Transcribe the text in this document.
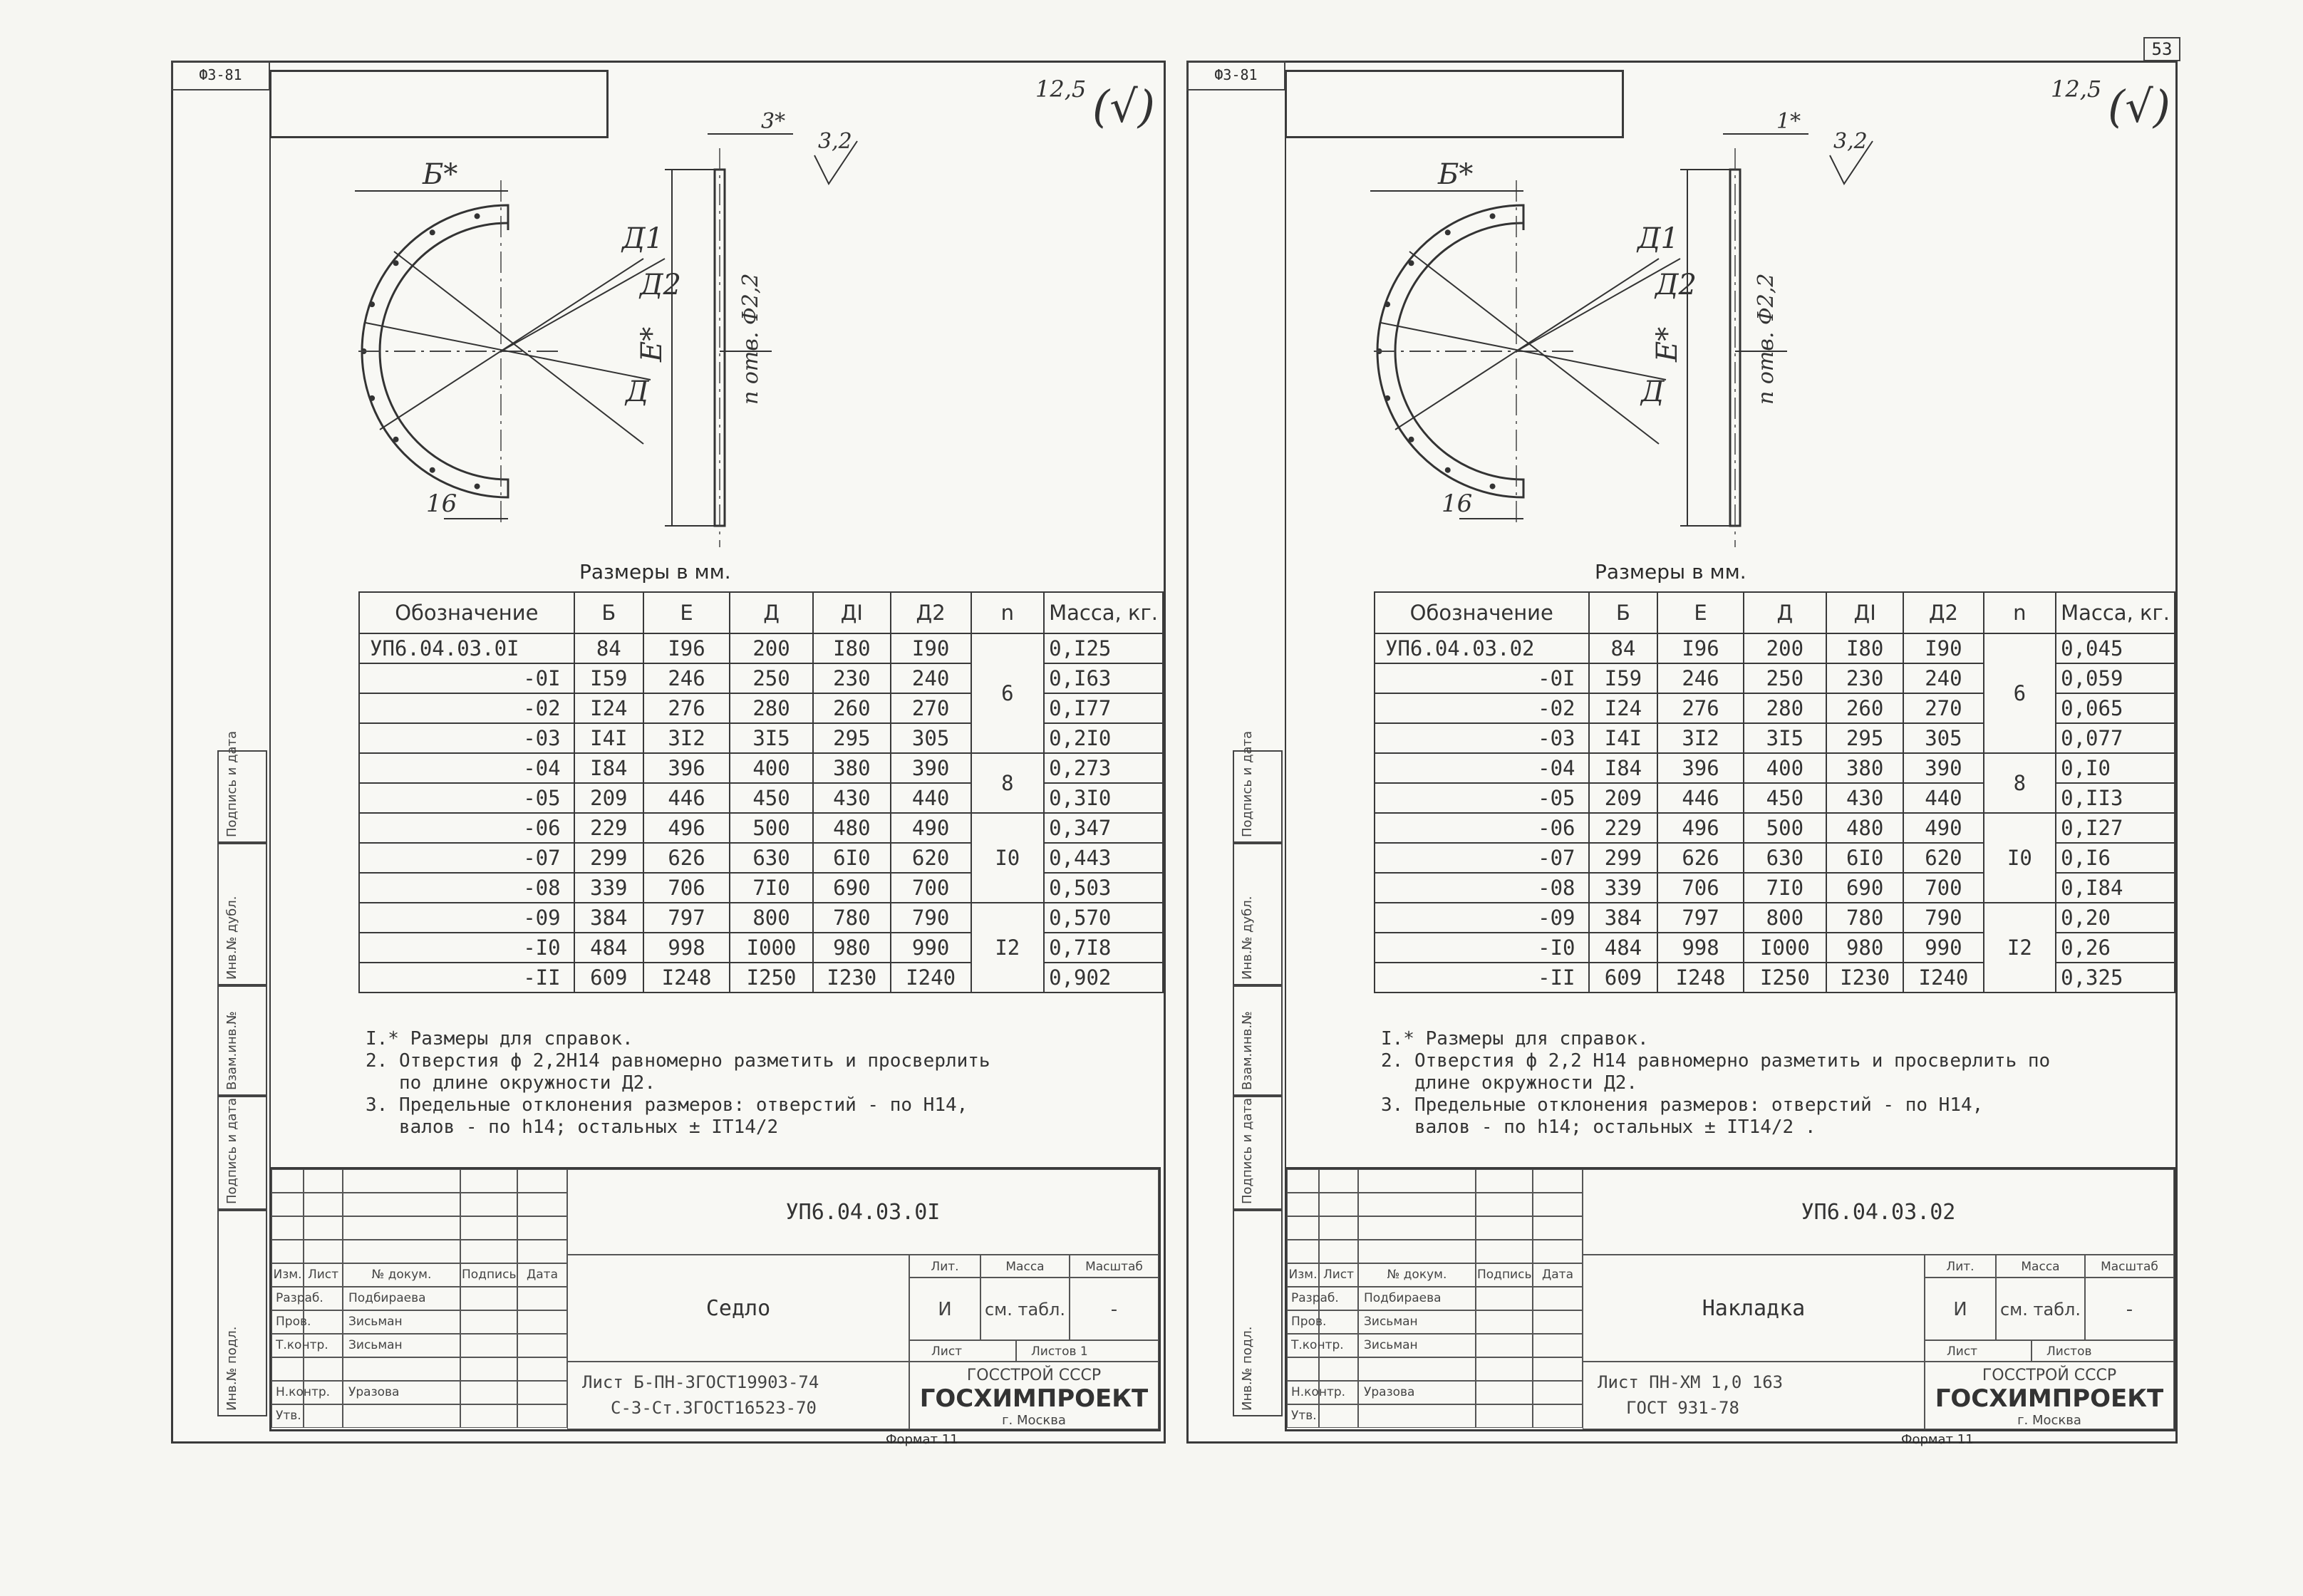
53
Ф3-81
Подпись и дата
Инв.№ дубл.
Взам.инв.№
Подпись и дата
Инв.№ подл.
12,5 (√)
Б*
Д1
Д2
Д
16
3*
3,2
Е*	n отв. Ф2,2
Размеры в мм.
Обозначение	Б	Е	Д	ДI	Д2	n	Масса, кг.
УП6.04.03.0I	84	I96	200	I80	I90	6	0,I25
-0I	I59	246	250	230	240		0,I63
-02	I24	276	280	260	270		0,I77
-03	I4I	3I2	3I5	295	305		0,2I0
-04	I84	396	400	380	390	8	0,273
-05	209	446	450	430	440		0,3I0
-06	229	496	500	480	490	I0	0,347
-07	299	626	630	6I0	620		0,443
-08	339	706	7I0	690	700		0,503
-09	384	797	800	780	790	I2	0,570
-I0	484	998	I000	980	990		0,7I8
-II	609	I248	I250	I230	I240		0,902
I.* Размеры для справок.
2. Отверстия ф 2,2Н14 равномерно разметить и просверлить
по длине окружности Д2.
3. Предельные отклонения размеров: отверстий - по Н14,
валов - по h14; остальных ± IT14/2
Изм. Лист	№ докум.	Подпись Дата
Разраб.	Подбираева
Пров.	Зисьман
Т.контр.	Зисьман
Н.контр.	Уразова
Утв.
УП6.04.03.0I
Седло
Лит.	Масса	Масштаб
И	см. табл.	-
Лист	Листов 1
Лист Б-ПН-3ГОСТ19903-74
С-3-Ст.3ГОСТ16523-70
ГОССТРОЙ СССР
ГОСХИМПРОЕКТ
г. Москва
Формат 11
Ф3-81
Подпись и дата
Инв.№ дубл.
Взам.инв.№
Подпись и дата
Инв.№ подл.
12,5 (√)
Б*
Д1
Д2
Д
16
1*
3,2
Е*	n отв. Ф2,2
Размеры в мм.
Обозначение	Б	Е	Д	ДI	Д2	n	Масса, кг.
УП6.04.03.02	84	I96	200	I80	I90	6	0,045
-0I	I59	246	250	230	240		0,059
-02	I24	276	280	260	270		0,065
-03	I4I	3I2	3I5	295	305		0,077
-04	I84	396	400	380	390	8	0,I0
-05	209	446	450	430	440		0,II3
-06	229	496	500	480	490	I0	0,I27
-07	299	626	630	6I0	620		0,I6
-08	339	706	7I0	690	700		0,I84
-09	384	797	800	780	790	I2	0,20
-I0	484	998	I000	980	990		0,26
-II	609	I248	I250	I230	I240		0,325
I.* Размеры для справок.
2. Отверстия ф 2,2 Н14 равномерно разметить и просверлить по
длине окружности Д2.
3. Предельные отклонения размеров: отверстий - по Н14,
валов - по h14; остальных ± IT14/2 .
Изм. Лист	№ докум.	Подпись Дата
Разраб.	Подбираева
Пров.	Зисьман
Т.контр.	Зисьман
Н.контр.	Уразова
Утв.
УП6.04.03.02
Накладка
Лит.	Масса	Масштаб
И	см. табл.	-
Лист	Листов
Лист ПН-ХМ 1,0 163
ГОСТ 931-78
ГОССТРОЙ СССР
ГОСХИМПРОЕКТ
г. Москва
Формат 11
